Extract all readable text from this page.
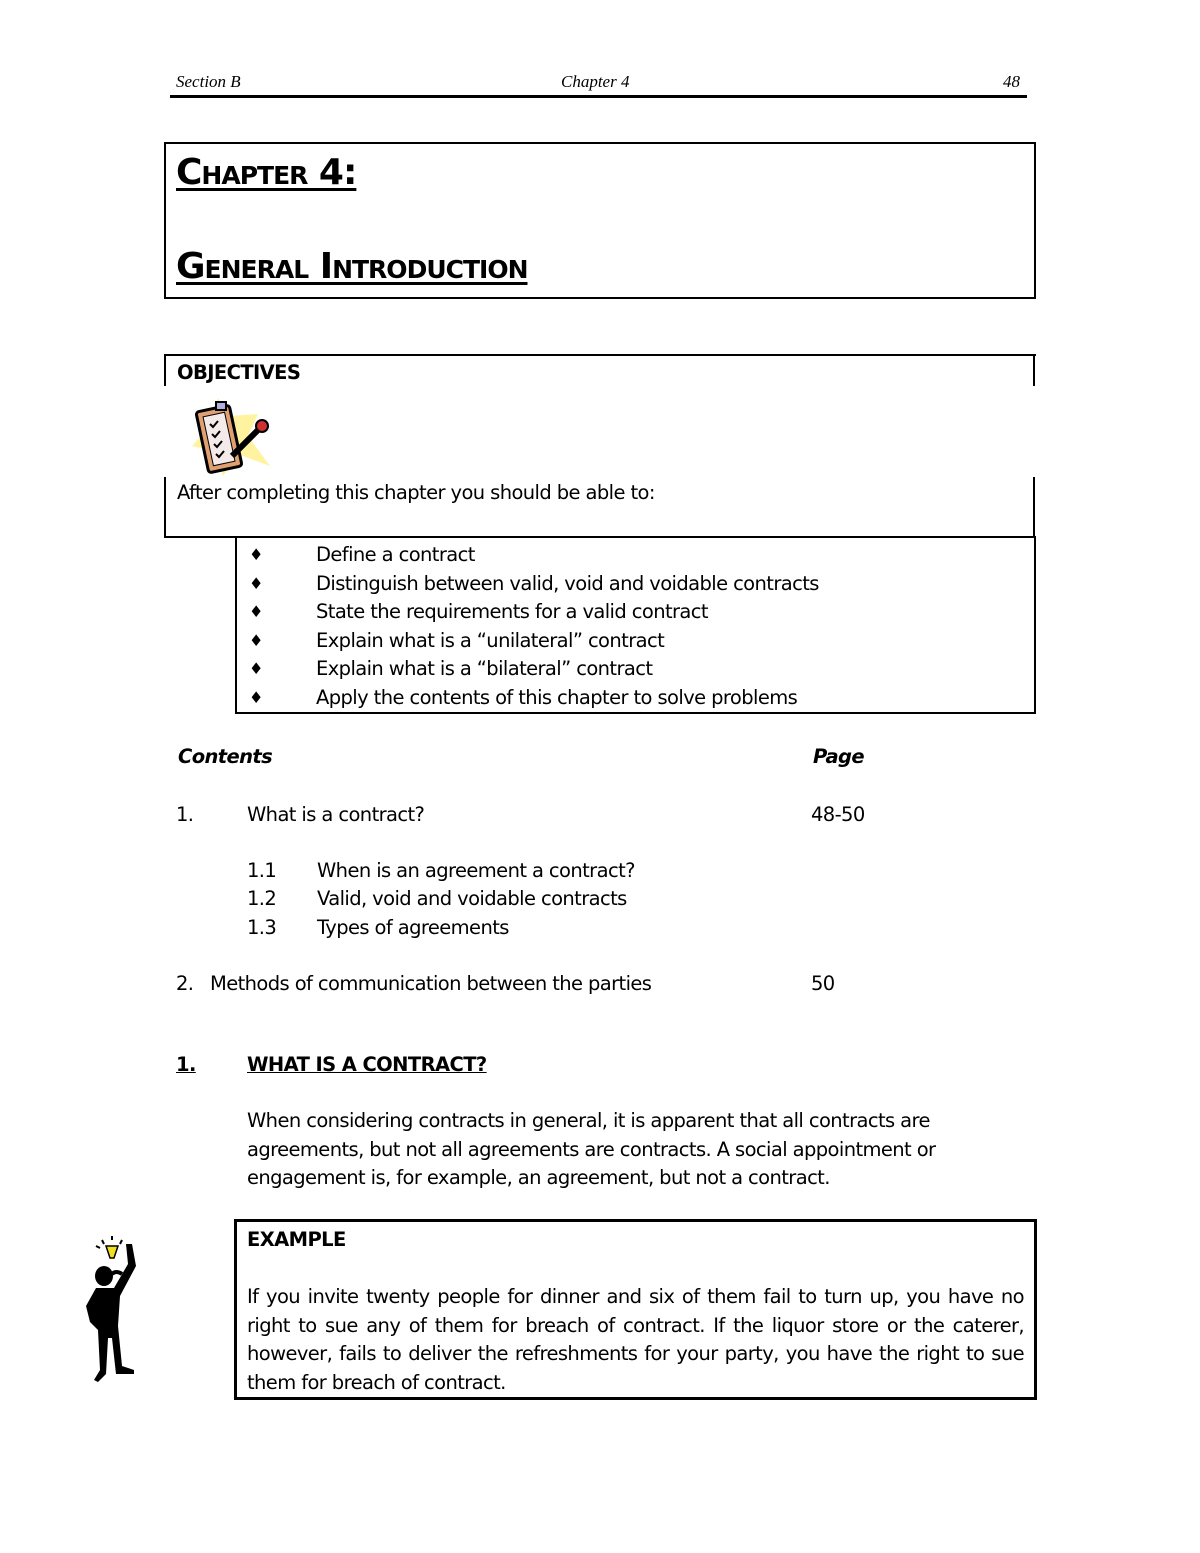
Section B	Chapter 4	48
Chapter 4:
General Introduction
OBJECTIVES
After completing this chapter you should be able to:
♦	Define a contract
♦	Distinguish between valid, void and voidable contracts
♦	State the requirements for a valid contract
♦	Explain what is a “unilateral” contract
♦	Explain what is a “bilateral” contract
♦	Apply the contents of this chapter to solve problems
Contents	Page
1.	What is a contract?	48-50
1.1 When is an agreement a contract?
1.2 Valid, void and voidable contracts
1.3 Types of agreements
2. Methods of communication between the parties	50
1.	WHAT IS A CONTRACT?
When considering contracts in general, it is apparent that all contracts are agreements, but not all agreements are contracts. A social appointment or engagement is, for example, an agreement, but not a contract.
EXAMPLE
If you invite twenty people for dinner and six of them fail to turn up, you have no right to sue any of them for breach of contract. If the liquor store or the caterer, however, fails to deliver the refreshments for your party, you have the right to sue them for breach of contract.
